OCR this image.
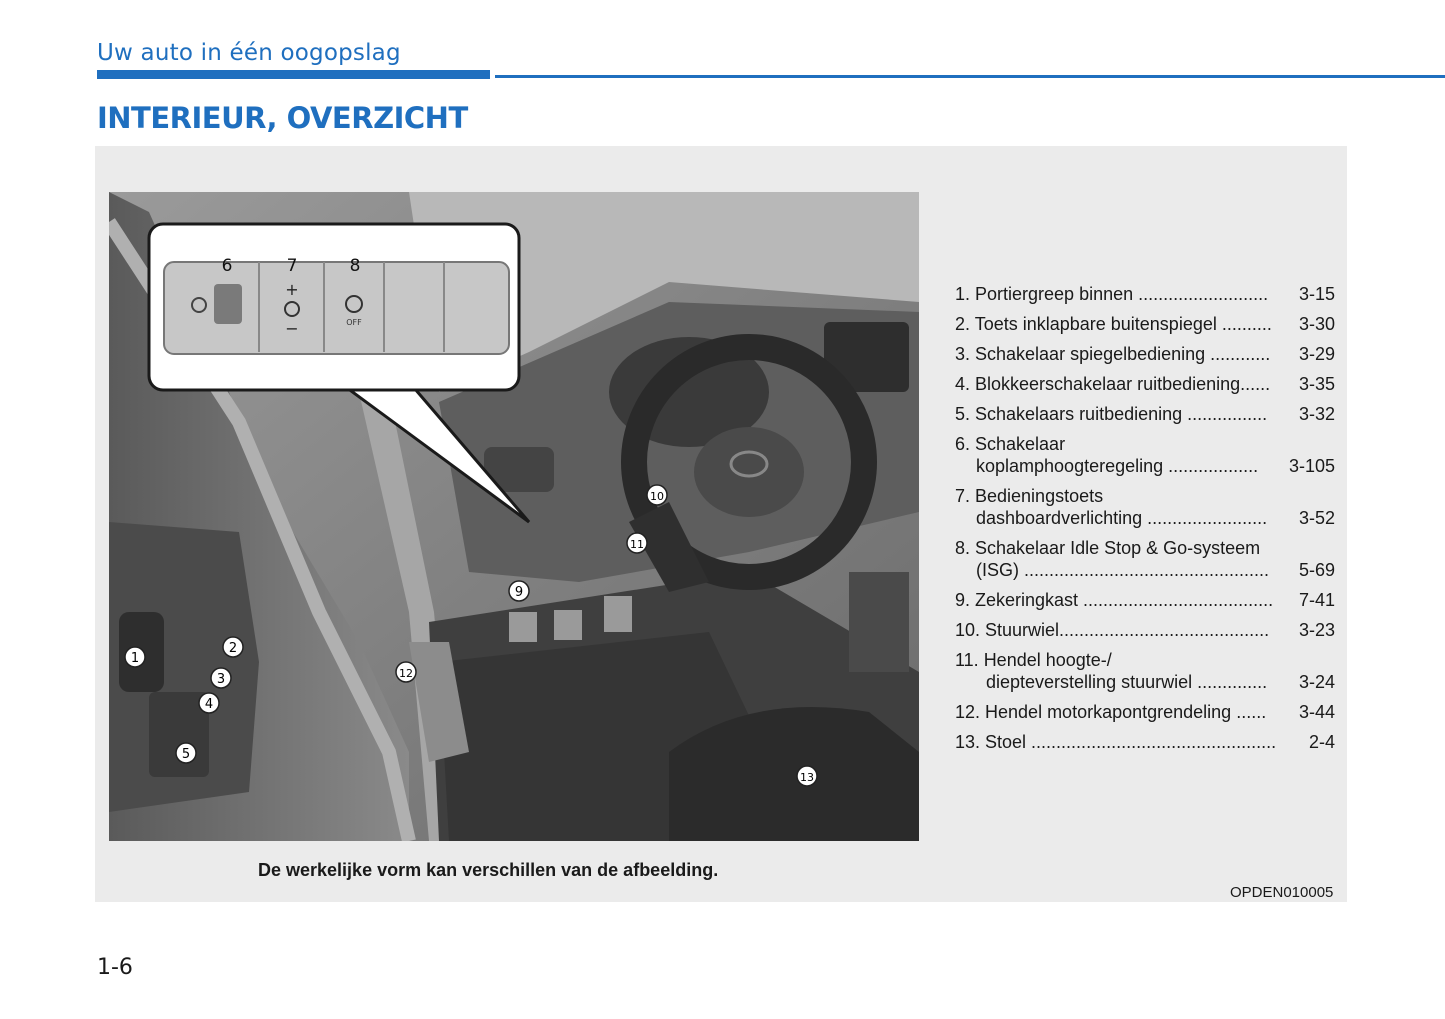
Uw auto in één oogopslag
INTERIEUR, OVERZICHT
+
−	OFF
6	7	8
1
2
3
4
5
9
10
11
12
13
1. Portiergreep binnen ..........................	3-15
2. Toets inklapbare buitenspiegel ..........	3-30
3. Schakelaar spiegelbediening ............	3-29
4. Blokkeerschakelaar ruitbediening......	3-35
5. Schakelaars ruitbediening ................	3-32
6. Schakelaar
koplamphoogteregeling ..................	3-105
7. Bedieningstoets
dashboardverlichting ........................	3-52
8. Schakelaar Idle Stop & Go-systeem
(ISG) .................................................	5-69
9. Zekeringkast ......................................	7-41
10. Stuurwiel..........................................	3-23
11. Hendel hoogte-/
diepteverstelling stuurwiel ..............	3-24
12. Hendel motorkapontgrendeling ......	3-44
13. Stoel .................................................	2-4
De werkelijke vorm kan verschillen van de afbeelding.
OPDEN010005
1-6
